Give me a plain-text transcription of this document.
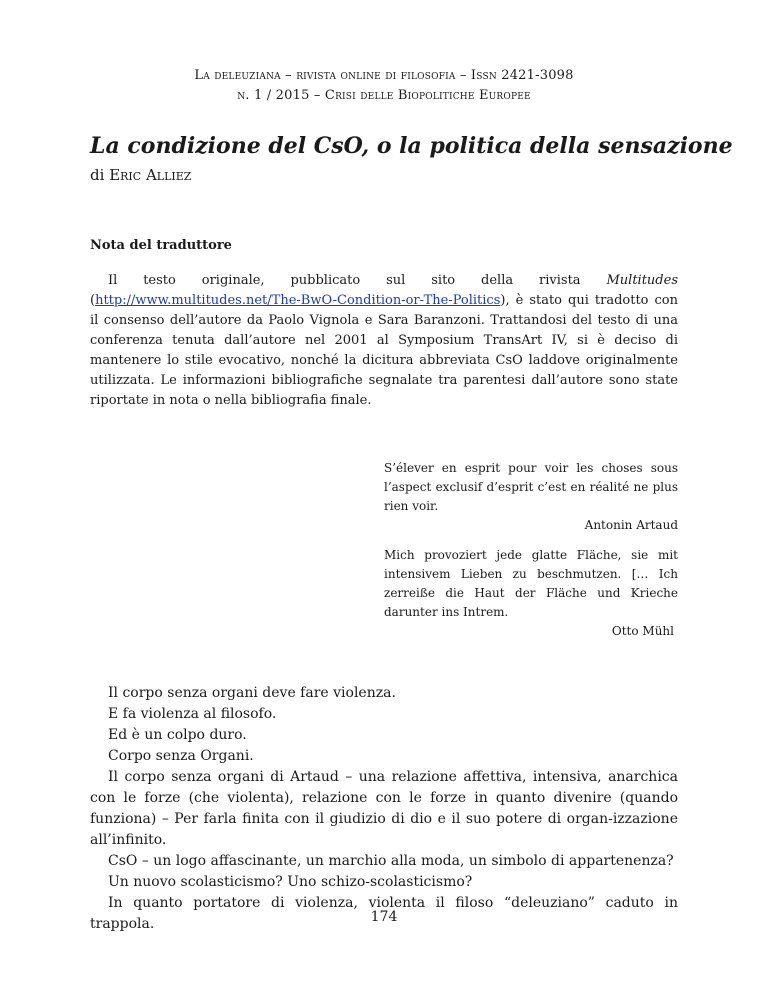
La deleuziana – rivista online di filosofia – Issn 2421-3098
n. 1 / 2015 – Crisi delle Biopolitiche Europee
La condizione del CsO, o la politica della sensazione
di Eric Alliez
Nota del traduttore

Il testo originale, pubblicato sul sito della rivista Multitudes (http://www.multitudes.net/The-BwO-Condition-or-The-Politics), è stato qui tradotto con il consenso dell’autore da Paolo Vignola e Sara Baranzoni. Trattandosi del testo di una conferenza tenuta dall’autore nel 2001 al Symposium TransArt IV, si è deciso di mantenere lo stile evocativo, nonché la dicitura abbreviata CsO laddove originalmente utilizzata. Le informazioni bibliografiche segnalate tra parentesi dall’autore sono state riportate in nota o nella bibliografia finale.

S’élever en esprit pour voir les choses sous l’aspect exclusif d’esprit c’est en réalité ne plus rien voir.

Antonin Artaud

Mich provoziert jede glatte Fläche, sie mit intensivem Lieben zu beschmutzen. [… Ich zerreiße die Haut der Fläche und Krieche darunter ins Intrem.

Otto Mühl

Il corpo senza organi deve fare violenza.

E fa violenza al filosofo.

Ed è un colpo duro.

Corpo senza Organi.

Il corpo senza organi di Artaud – una relazione affettiva, intensiva, anarchica con le forze (che violenta), relazione con le forze in quanto divenire (quando funziona) – Per farla finita con il giudizio di dio e il suo potere di organ-izzazione all’infinito.

CsO – un logo affascinante, un marchio alla moda, un simbolo di appartenenza?

Un nuovo scolasticismo? Uno schizo-scolasticismo?

In quanto portatore di violenza, violenta il filoso “deleuziano” caduto in trappola.	174
